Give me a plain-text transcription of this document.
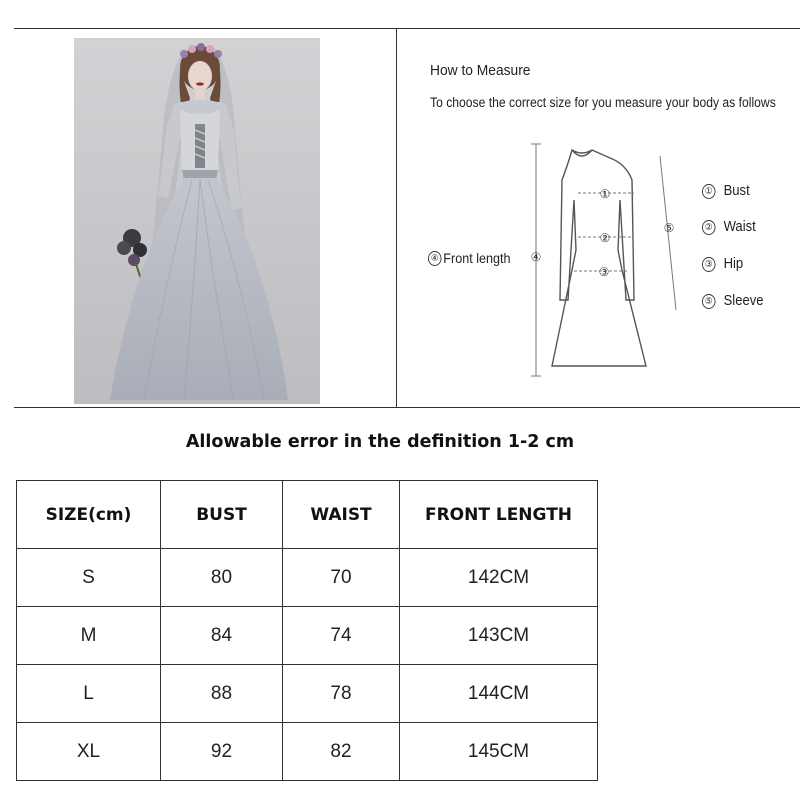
How to Measure
To choose the correct size for you measure your body as follows
①
②
③
④
⑤
④ Front length
① Bust
② Waist
③ Hip
⑤ Sleeve
Allowable error in the definition 1-2 cm
SIZE(cm)	BUST	WAIST	FRONT LENGTH
S	80	70	142CM
M	84	74	143CM
L	88	78	144CM
XL	92	82	145CM
